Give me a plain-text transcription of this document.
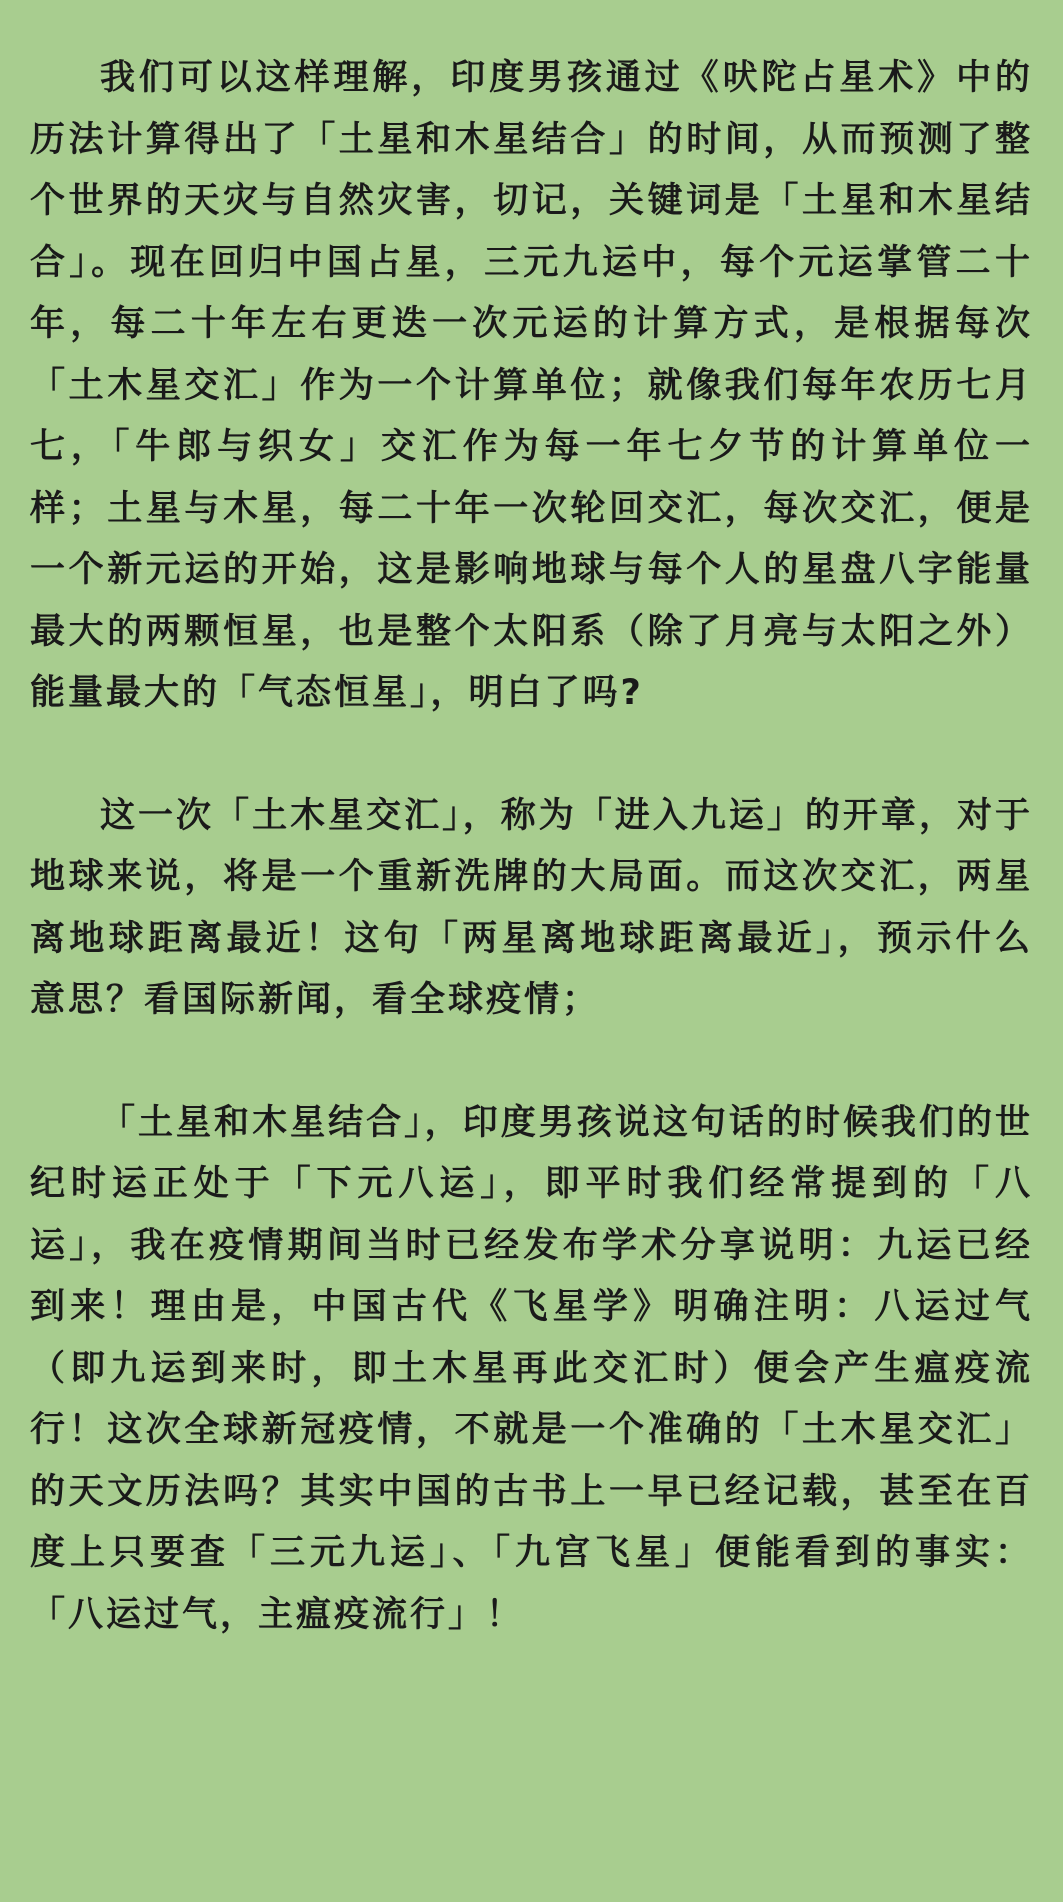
我们可以这样理解，印度男孩通过《吠陀占星术》中的历法计算得出了「土星和木星结合」的时间，从而预测了整个世界的天灾与自然灾害，切记，关键词是「土星和木星结合」。现在回归中国占星，三元九运中，每个元运掌管二十年，每二十年左右更迭一次元运的计算方式，是根据每次「土木星交汇」作为一个计算单位；就像我们每年农历七月七，「牛郎与织女」交汇作为每一年七夕节的计算单位一样；土星与木星，每二十年一次轮回交汇，每次交汇，便是一个新元运的开始，这是影响地球与每个人的星盘八字能量最大的两颗恒星，也是整个太阳系（除了月亮与太阳之外）能量最大的「气态恒星」，明白了吗?

这一次「土木星交汇」，称为「进入九运」的开章，对于地球来说，将是一个重新洗牌的大局面。而这次交汇，两星离地球距离最近！这句「两星离地球距离最近」，预示什么意思？看国际新闻，看全球疫情；

「土星和木星结合」，印度男孩说这句话的时候我们的世纪时运正处于「下元八运」，即平时我们经常提到的「八运」，我在疫情期间当时已经发布学术分享说明：九运已经到来！理由是，中国古代《飞星学》明确注明：八运过气（即九运到来时，即土木星再此交汇时）便会产生瘟疫流行！这次全球新冠疫情，不就是一个准确的「土木星交汇」的天文历法吗？其实中国的古书上一早已经记载，甚至在百度上只要查「三元九运」、「九宫飞星」便能看到的事实：「八运过气，主瘟疫流行」！
